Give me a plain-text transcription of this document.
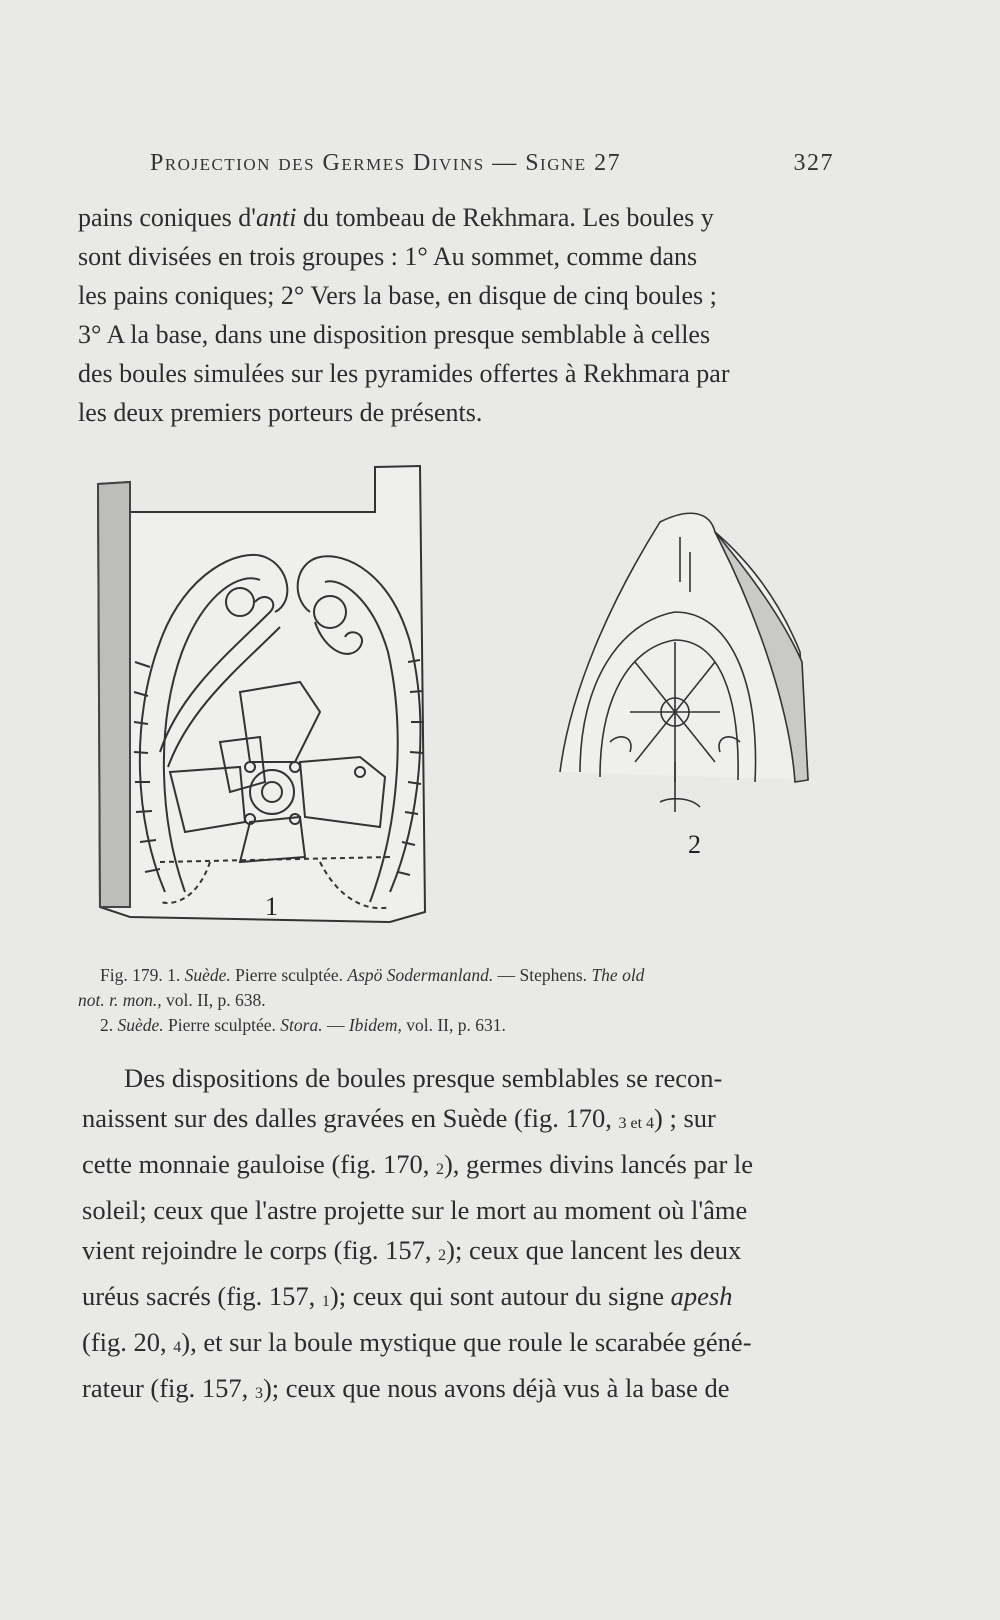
Projection des Germes Divins — Signe 27	327

pains coniques d'anti du tombeau de Rekhmara. Les boules y

sont divisées en trois groupes : 1° Au sommet, comme dans

les pains coniques; 2° Vers la base, en disque de cinq boules ;

3° A la base, dans une disposition presque semblable à celles

des boules simulées sur les pyramides offertes à Rekhmara par

les deux premiers porteurs de présents.

1
2

Fig. 179. 1. Suède. Pierre sculptée. Aspö Sodermanland. — Stephens. The old

not. r. mon., vol. II, p. 638.

2. Suède. Pierre sculptée. Stora. — Ibidem, vol. II, p. 631.

Des dispositions de boules presque semblables se recon-

naissent sur des dalles gravées en Suède (fig. 170, $_{3 et 4}$) ; sur

cette monnaie gauloise (fig. 170, $_2$), germes divins lancés par le

soleil; ceux que l'astre projette sur le mort au moment où l'âme

vient rejoindre le corps (fig. 157, $_2$); ceux que lancent les deux

uréus sacrés (fig. 157, $_1$); ceux qui sont autour du signe apesh

(fig. 20, $_4$), et sur la boule mystique que roule le scarabée géné-

rateur (fig. 157, $_3$); ceux que nous avons déjà vus à la base de
